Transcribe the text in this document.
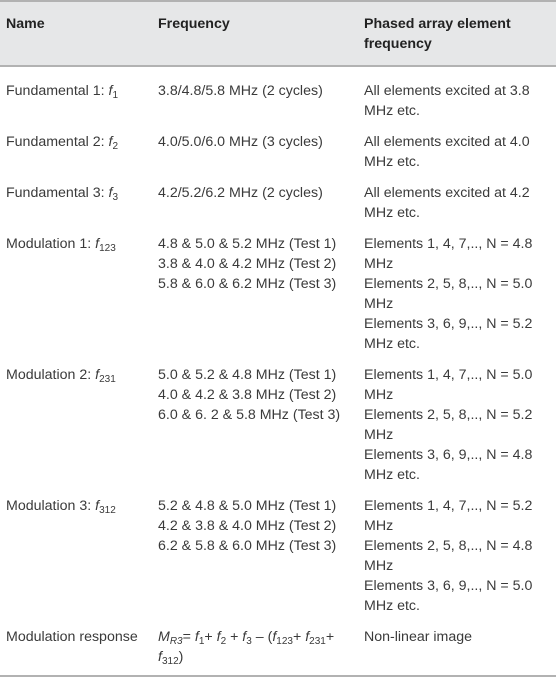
Name	Frequency	Phased array element frequency
Fundamental 1: $f_1$	3.8/4.8/5.8 MHz (2 cycles)	All elements excited at 3.8 MHz etc.

Fundamental 2: $f_2$	4.0/5.0/6.0 MHz (3 cycles)	All elements excited at 4.0 MHz etc.

Fundamental 3: $f_3$	4.2/5.2/6.2 MHz (2 cycles)	All elements excited at 4.2 MHz etc.

Modulation 1: $f_{123}$	4.8 & 5.0 & 5.2 MHz (Test 1) 3.8 & 4.0 & 4.2 MHz (Test 2) 5.8 & 6.0 & 6.2 MHz (Test 3)	Elements 1, 4, 7,.., N = 4.8 MHz
Elements 2, 5, 8,.., N = 5.0 MHz
Elements 3, 6, 9,.., N = 5.2 MHz etc.

Modulation 2: $f_{231}$	5.0 & 5.2 & 4.8 MHz (Test 1) 4.0 & 4.2 & 3.8 MHz (Test 2) 6.0 & 6. 2 & 5.8 MHz (Test 3)	Elements 1, 4, 7,.., N = 5.0 MHz
Elements 2, 5, 8,.., N = 5.2 MHz
Elements 3, 6, 9,.., N = 4.8 MHz etc.

Modulation 3: $f_{312}$	5.2 & 4.8 & 5.0 MHz (Test 1) 4.2 & 3.8 & 4.0 MHz (Test 2) 6.2 & 5.8 & 6.0 MHz (Test 3)	Elements 1, 4, 7,.., N = 5.2 MHz
Elements 2, 5, 8,.., N = 4.8 MHz
Elements 3, 6, 9,.., N = 5.0 MHz etc.

Modulation response	$M_{R3}= f_1+ f_2 + f_3 - (f_{123}+ f_{231}+ f_{312})$	Non-linear image
